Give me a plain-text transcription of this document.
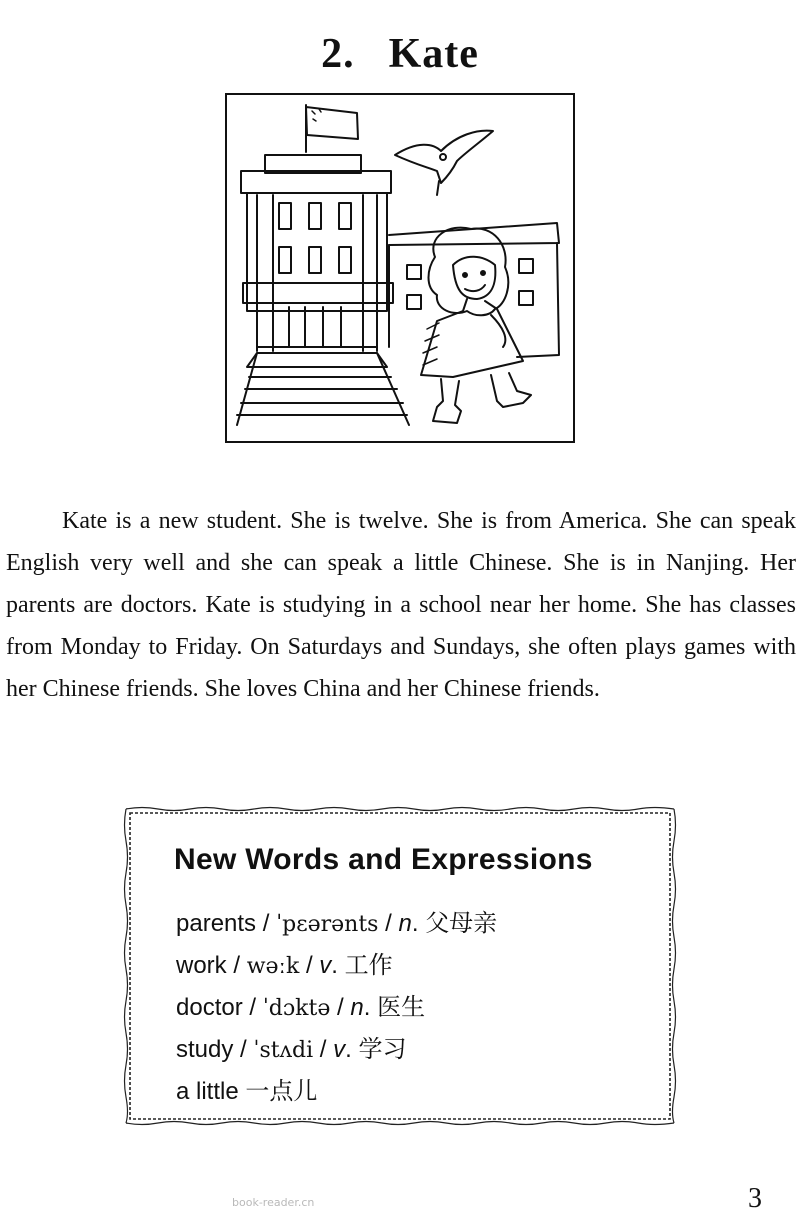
2. Kate

Kate is a new student. She is twelve. She is from America. She can speak English very well and she can speak a little Chinese. She is in Nanjing. Her parents are doctors. Kate is studying in a school near her home. She has classes from Monday to Friday. On Saturdays and Sundays, she often plays games with her Chinese friends. She loves China and her Chinese friends.

New Words and Expressions
parents / ˈpɛərənts / n. 父母亲
work / wəːk / v. 工作
doctor / ˈdɔktə / n. 医生
study / ˈstʌdi / v. 学习
a little 一点儿
book-reader.cn	3
